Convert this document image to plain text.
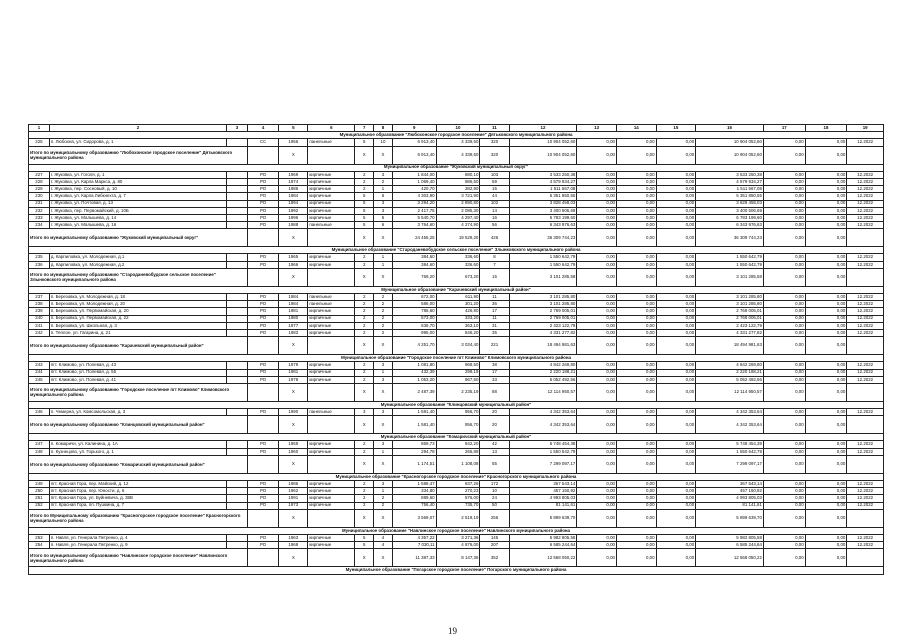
1	2	3	4	5	6	7	8	9	10	11	12	13	14	15	16	17	18	19
Муниципальное образование "Любохонское городское поселение" Дятьковского муниципального района																		
225	п. Любохна, ул. Сидорова, д. 1		СС	1956	панельные	5	10	6 913,40	4 339,50	320	10 904 052,60	0,00	0,00	0,00	10 904 052,60	0,00	0,00	12.2022
Итого по муниципальному образованию "Любохонское городское поселение" Дятьковского муниципального района				X		X	X	6 913,40	4 339,50	320	10 904 052,60	0,00	0,00	0,00	10 904 052,60	0,00	0,00	
Муниципальное образование "Жуковский муниципальный округ"																		
227	г. Жуковка, ул. Гоголя, д. 1		РО	1969	кирпичные	2	3	1 844,00	880,10	103	3 533 250,38	0,00	0,00	0,00	3 533 250,38	0,00	0,00	12.2022
228	г. Жуковка, ул. Карла Маркса, д. 80		РО	1974	кирпичные	2	2	1 069,40	986,50	59	4 579 934,27	0,00	0,00	0,00	4 579 934,27	0,00	0,00	12.2022
229	г. Жуковка, пер. Сосновый, д. 10		РО	1986	кирпичные	2	1	420,70	382,90	15	1 511 567,08	0,00	0,00	0,00	1 511 567,08	0,00	0,00	12.2022
230	г. Жуковка, ул. Карла Либкнехта, д. 7		РО	1984	кирпичные	5	6	4 303,90	3 721,90	44	5 351 850,55	0,00	0,00	0,00	5 351 850,55	0,00	0,00	12.2022
231	г. Жуковка, ул. Почтовая, д. 13		РО	1994	кирпичные	5	3	3 294,20	2 890,80	102	3 828 458,03	0,00	0,00	0,00	3 828 458,03	0,00	0,00	12.2022
232	г. Жуковка, пер. Первомайский, д. 10Б		РО	1992	кирпичные	5	3	2 417,75	2 085,30	14	3 400 506,69	0,00	0,00	0,00	3 400 506,69	0,00	0,00	12.2022
233	г. Жуковка, ул. Малышева, д. 14		РО	1996	кирпичные	5	6	5 540,70	4 297,40	16	6 783 199,60	0,00	0,00	0,00	6 783 199,60	0,00	0,00	12.2022
234	г. Жуковка, ул. Малышева, д. 16		РО	1988	панельные	5	6	3 764,60	4 274,90	56	6 343 976,63	0,00	0,00	0,00	6 343 976,63	0,00	0,00	12.2022
Итого по муниципальному образованию "Жуковский муниципальный округ"				X		X	X	24 455,25	19 529,20	426	36 309 744,23	0,00	0,00	0,00	36 309 744,23	0,00	0,00	
Муниципальное образование "Староданевобудское сельское поселение" Злынковского муниципального района																		
235	д. Карпиловка, ул. Молодежная, д.1		РО	1965	кирпичные	2	1	384,60	336,60	8	1 550 642,79	0,00	0,00	0,00	1 550 642,79	0,00	0,00	12.2022
236	д. Карпиловка, ул. Молодежная, д.2		РО	1966	кирпичные	2	1	384,60	336,60	7	1 550 642,79	0,00	0,00	0,00	1 550 642,79	0,00	0,00	12.2022
Итого по муниципальному образованию "Староданевобудское сельское поселение" Злынковского муниципального района				X		X	X	769,20	673,20	15	3 101 285,58	0,00	0,00	0,00	3 101 285,58	0,00	0,00	
Муниципальное образование "Карачевский муниципальный район"																		
237	п. Березовка, ул. Молодежная, д. 18		РО	1984	панельные	2	2	672,00	611,90	11	3 101 285,80	0,00	0,00	0,00	3 101 285,80	0,00	0,00	12.2022
238	п. Березовка, ул. Молодежная, д. 20		РО	1984	панельные	2	2	586,00	301,20	36	3 101 285,80	0,00	0,00	0,00	3 101 285,80	0,00	0,00	12.2022
239	п. Березовка, ул. Первомайская, д. 20		РО	1981	кирпичные	2	2	786,60	426,80	17	2 769 005,01	0,00	0,00	0,00	2 769 005,01	0,00	0,00	12.2022
240	п. Березовка, ул. Первомайская, д. 22		РО	1980	кирпичные	2	2	573,00	333,20	11	2 769 005,01	0,00	0,00	0,00	2 769 005,01	0,00	0,00	12.2022
241	п. Березовка, ул. Школьная, д. 3		РО	1977	кирпичные	2	2	638,70	363,10	31	2 423 122,79	0,00	0,00	0,00	2 423 122,79	0,00	0,00	12.2022
242	п. Теплое, ул. Гагарина, д. 21		РО	1983	кирпичные	2	2	995,00	846,20	35	4 331 277,82	0,00	0,00	0,00	4 331 277,82	0,00	0,00	12.2022
Итого по муниципальному образованию "Карачевский муниципальный район"				X		X	X	4 251,70	3 034,40	221	18 494 981,63	0,00	0,00	0,00	18 494 981,63	0,00	0,00	
Муниципальное образование "Городское поселение пгт Климово" Климовского муниципального района																		
243	пгт. Климово, ул. Полевая, д. 43		РО	1979	кирпичные	2	3	1 081,80	968,50	38	4 842 269,80	0,00	0,00	0,00	4 842 269,80	0,00	0,00	12.2022
244	пгт. Климово, ул. Полевая, д. 55		РО	1981	кирпичные	2	1	432,39	299,19	17	2 220 188,21	0,00	0,00	0,00	2 220 188,21	0,00	0,00	12.2022
245	пгт. Климово, ул. Полевая, д. 41		РО	1978	кирпичные	2	3	1 053,20	967,50	33	5 052 492,56	0,00	0,00	0,00	5 052 492,56	0,00	0,00	12.2022
Итого по муниципальному образованию "Городское поселение пгт Климово" Климовского муниципального района				X		X	X	2 487,39	2 235,19	88	12 114 950,57	0,00	0,00	0,00	12 114 950,57	0,00	0,00	
Муниципальное образование "Клинцовский муниципальный район"																		
246	п. Чемерна, ул. Комсомольская, д. 3		РО	1990	панельные	3	3	1 581,40	956,70	20	4 342 353,64	0,00	0,00	0,00	4 342 353,64	0,00	0,00	12.2022
Итого по муниципальному образованию "Клинцовский муниципальный район"				X		X	X	1 581,40	956,70	20	4 342 353,64	0,00	0,00	0,00	4 342 353,64	0,00	0,00	
Муниципальное образование "Комаричский муниципальный район"																		
247	п. Комаричи, ул. Калинина, д. 1А		РО	1959	кирпичные	2	3	869,73	842,20	42	5 748 454,38	0,00	0,00	0,00	5 748 454,38	0,00	0,00	12.2022
248	п. Кузнецово, ул. Горького, д. 1		РО	1960	кирпичные	2	1	294,78	265,88	13	1 550 642,79	0,00	0,00	0,00	1 550 642,79	0,00	0,00	12.2022
Итого по муниципальному образованию "Комаричский муниципальный район"				X		X	X	1 174,51	1 108,08	55	7 299 097,17	0,00	0,00	0,00	7 299 097,17	0,00	0,00	
Муниципальное образование "Красногорское городское поселение" Красногорского муниципального района																		
249	пгт. Красная Гора, пер. Майский, д. 12		РО	1986	кирпичные	2	3	1 588,47	837,26	172	367 543,14	0,00	0,00	0,00	367 543,14	0,00	0,00	12.2022
250	пгт. Красная Гора, пер. Юности, д. 6		РО	1962	кирпичные	2	1	334,80	270,23	10	457 150,92	0,00	0,00	0,00	457 150,92	0,00	0,00	12.2022
251	пгт. Красная Гора, ул. Буйневича, д. 38В		РО	1991	кирпичные	2	2	889,60	576,00	24	4 993 805,03	0,00	0,00	0,00	4 993 805,03	0,00	0,00	12.2022
252	пгт. Красная Гора, пл. Пушкина, д. 7		РО	1973	кирпичные	2	2	756,40	735,70	50	81 141,61	0,00	0,00	0,00	81 141,61	0,00	0,00	12.2022
Итого по Муниципальному образованию "Красногорское городское поселение" Красногорского муниципального района				X		X	X	3 569,07	2 519,19	256	5 899 639,70	0,00	0,00	0,00	5 899 639,70	0,00	0,00	
Муниципальное образование "Навлинское городское поселение" Навлинского муниципального района																		
253	п. Навля, ул. Генерала Петренко, д. 4		РО	1963	кирпичные	5	4	4 357,22	3 271,36	145	5 982 805,58	0,00	0,00	0,00	5 982 805,58	0,00	0,00	12.2022
254	п. Навля, ул. Генерала Петренко, д. 9		РО	1968	кирпичные	5	4	7 030,11	4 876,00	207	6 585 244,64	0,00	0,00	0,00	6 585 244,64	0,00	0,00	12.2022
Итого по муниципальному образованию "Навлинское городское поселение" Навлинского муниципального района				X		X	X	11 387,33	8 147,36	352	12 568 050,22	0,00	0,00	0,00	12 568 050,22	0,00	0,00	
Муниципальное образование "Погарское городское поселение" Погарского муниципального района																		
19
